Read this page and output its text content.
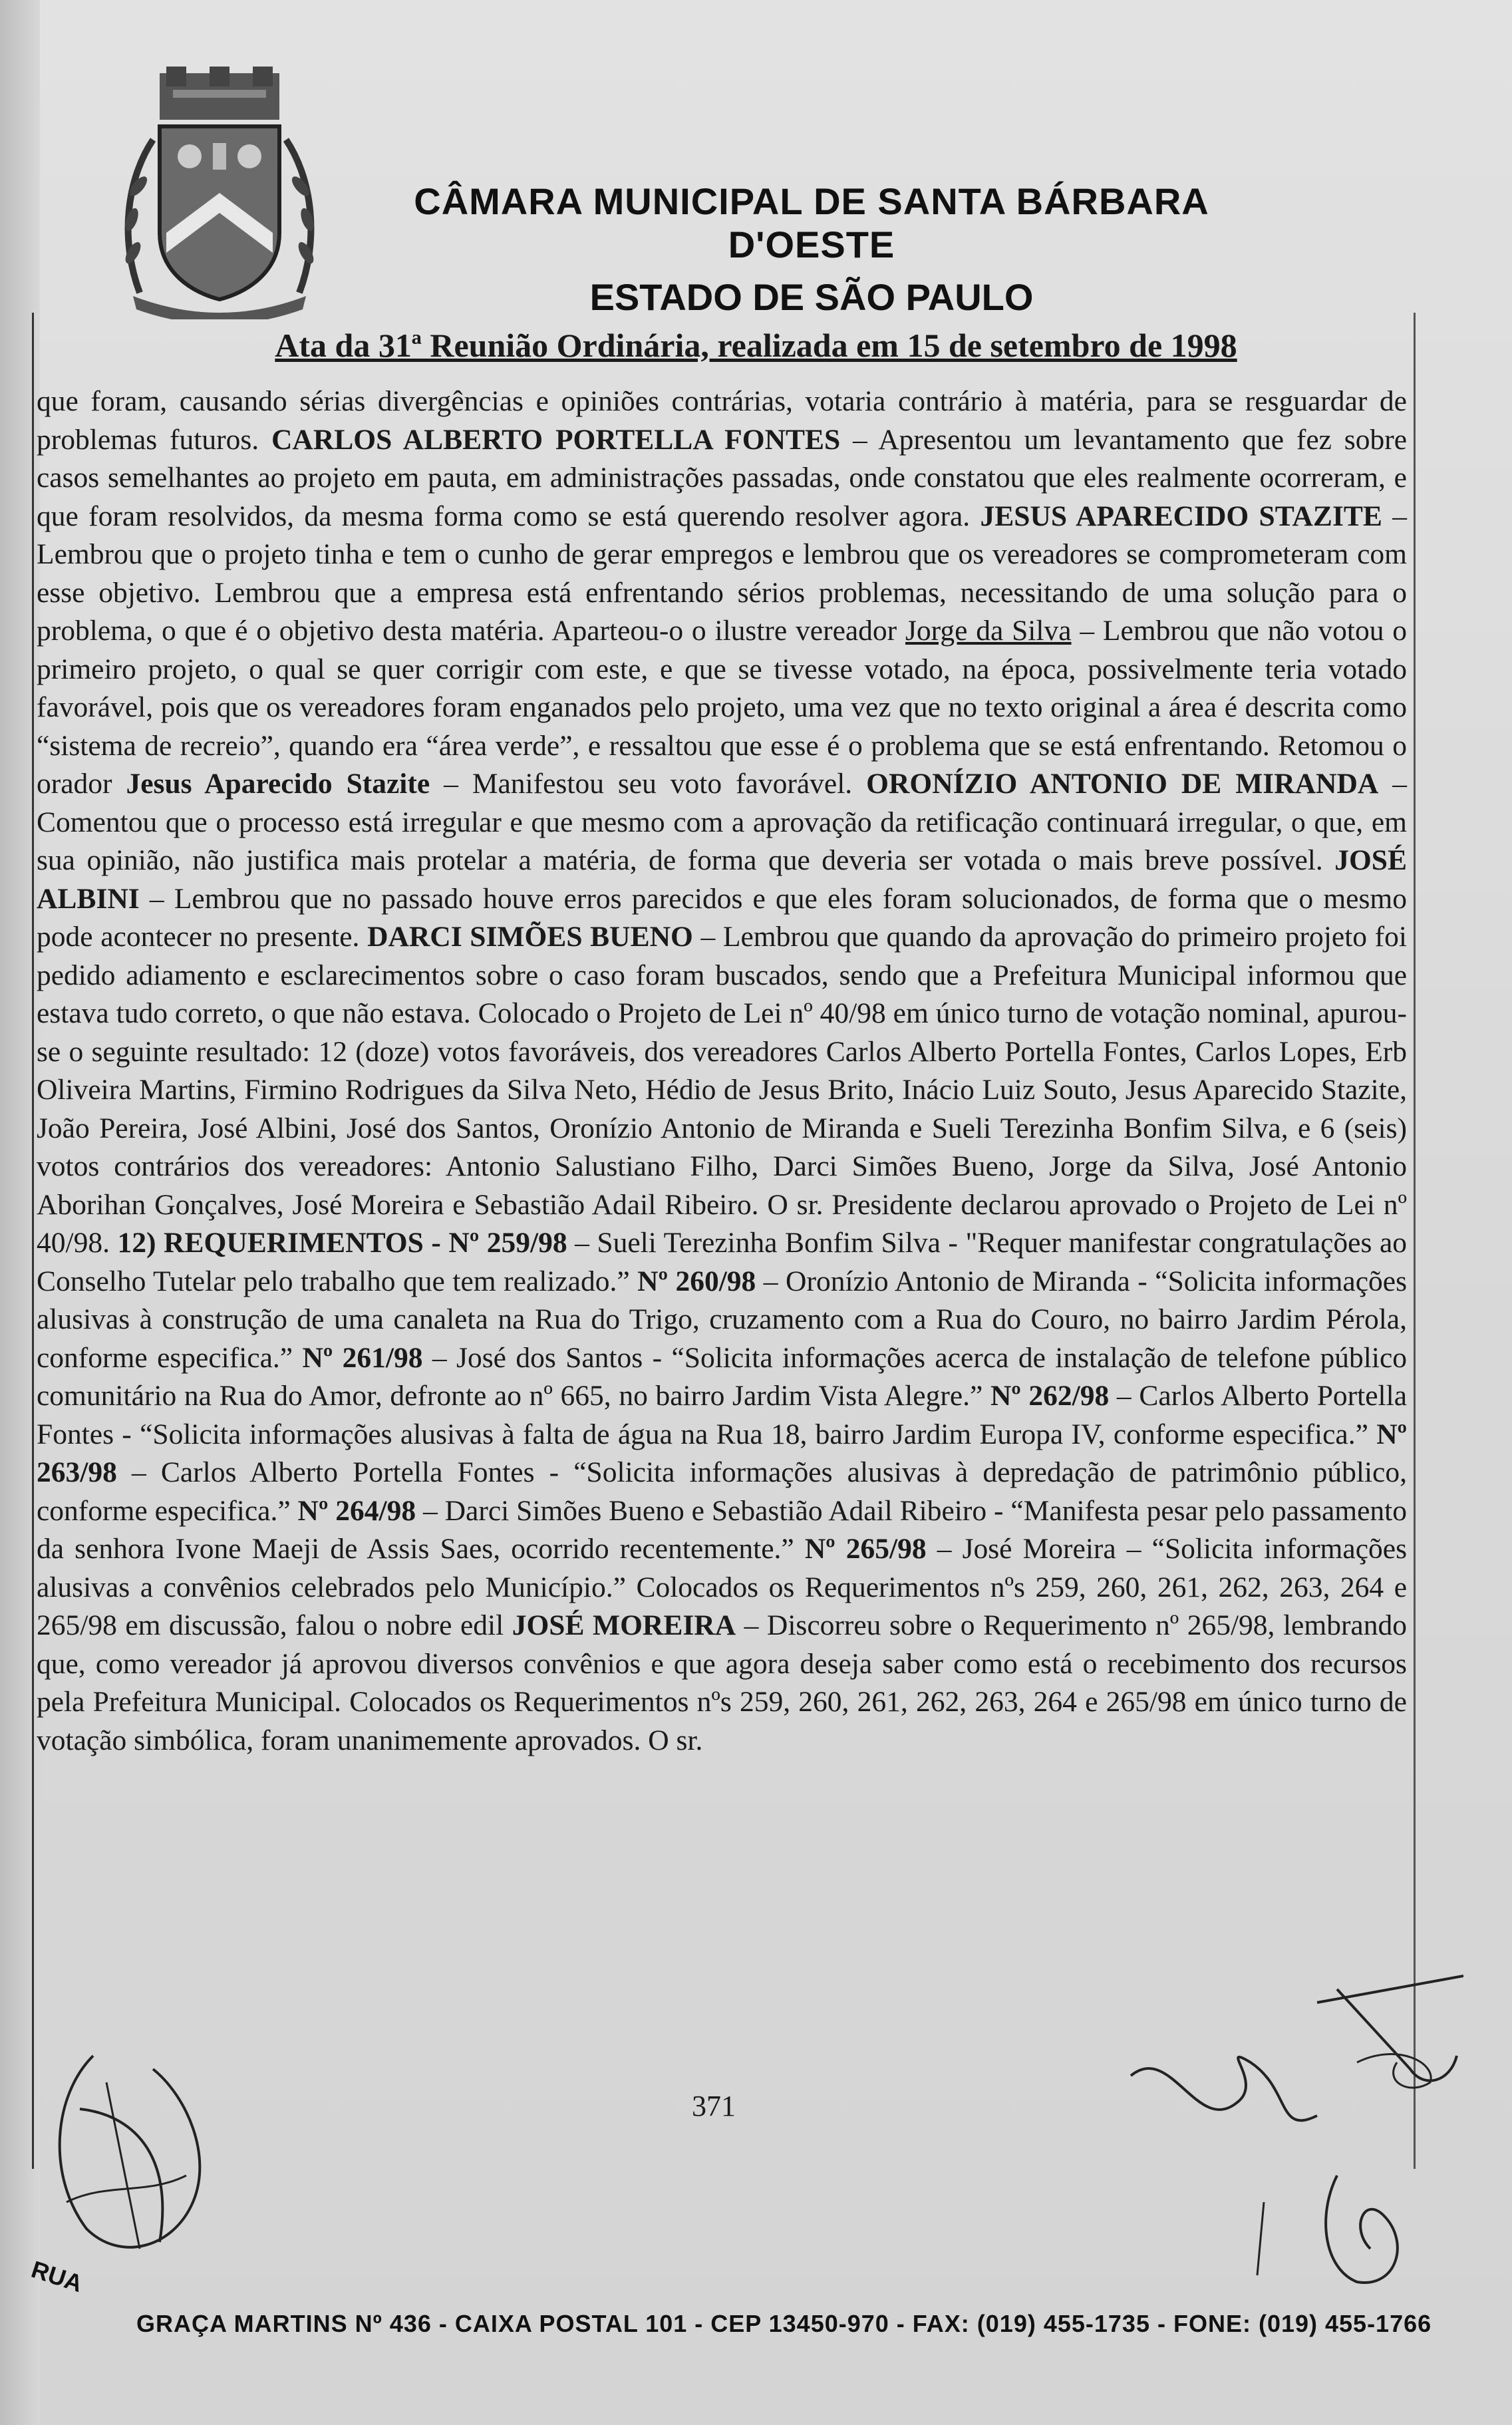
CÂMARA MUNICIPAL DE SANTA BÁRBARA D'OESTE
ESTADO DE SÃO PAULO
Ata da 31ª Reunião Ordinária, realizada em 15 de setembro de 1998

que foram, causando sérias divergências e opiniões contrárias, votaria contrário à matéria, para se resguardar de problemas futuros. CARLOS ALBERTO PORTELLA FONTES – Apresentou um levantamento que fez sobre casos semelhantes ao projeto em pauta, em administrações passadas, onde constatou que eles realmente ocorreram, e que foram resolvidos, da mesma forma como se está querendo resolver agora. JESUS APARECIDO STAZITE – Lembrou que o projeto tinha e tem o cunho de gerar empregos e lembrou que os vereadores se comprometeram com esse objetivo. Lembrou que a empresa está enfrentando sérios problemas, necessitando de uma solução para o problema, o que é o objetivo desta matéria. Aparteou-o o ilustre vereador Jorge da Silva – Lembrou que não votou o primeiro projeto, o qual se quer corrigir com este, e que se tivesse votado, na época, possivelmente teria votado favorável, pois que os vereadores foram enganados pelo projeto, uma vez que no texto original a área é descrita como “sistema de recreio”, quando era “área verde”, e ressaltou que esse é o problema que se está enfrentando. Retomou o orador Jesus Aparecido Stazite – Manifestou seu voto favorável. ORONÍZIO ANTONIO DE MIRANDA – Comentou que o processo está irregular e que mesmo com a aprovação da retificação continuará irregular, o que, em sua opinião, não justifica mais protelar a matéria, de forma que deveria ser votada o mais breve possível. JOSÉ ALBINI – Lembrou que no passado houve erros parecidos e que eles foram solucionados, de forma que o mesmo pode acontecer no presente. DARCI SIMÕES BUENO – Lembrou que quando da aprovação do primeiro projeto foi pedido adiamento e esclarecimentos sobre o caso foram buscados, sendo que a Prefeitura Municipal informou que estava tudo correto, o que não estava. Colocado o Projeto de Lei nº 40/98 em único turno de votação nominal, apurou-se o seguinte resultado: 12 (doze) votos favoráveis, dos vereadores Carlos Alberto Portella Fontes, Carlos Lopes, Erb Oliveira Martins, Firmino Rodrigues da Silva Neto, Hédio de Jesus Brito, Inácio Luiz Souto, Jesus Aparecido Stazite, João Pereira, José Albini, José dos Santos, Oronízio Antonio de Miranda e Sueli Terezinha Bonfim Silva, e 6 (seis) votos contrários dos vereadores: Antonio Salustiano Filho, Darci Simões Bueno, Jorge da Silva, José Antonio Aborihan Gonçalves, José Moreira e Sebastião Adail Ribeiro. O sr. Presidente declarou aprovado o Projeto de Lei nº 40/98. 12) REQUERIMENTOS - Nº 259/98 – Sueli Terezinha Bonfim Silva - "Requer manifestar congratulações ao Conselho Tutelar pelo trabalho que tem realizado.” Nº 260/98 – Oronízio Antonio de Miranda - “Solicita informações alusivas à construção de uma canaleta na Rua do Trigo, cruzamento com a Rua do Couro, no bairro Jardim Pérola, conforme especifica.” Nº 261/98 – José dos Santos - “Solicita informações acerca de instalação de telefone público comunitário na Rua do Amor, defronte ao nº 665, no bairro Jardim Vista Alegre.” Nº 262/98 – Carlos Alberto Portella Fontes - “Solicita informações alusivas à falta de água na Rua 18, bairro Jardim Europa IV, conforme especifica.” Nº 263/98 – Carlos Alberto Portella Fontes - “Solicita informações alusivas à depredação de patrimônio público, conforme especifica.” Nº 264/98 – Darci Simões Bueno e Sebastião Adail Ribeiro - “Manifesta pesar pelo passamento da senhora Ivone Maeji de Assis Saes, ocorrido recentemente.” Nº 265/98 – José Moreira – “Solicita informações alusivas a convênios celebrados pelo Município.” Colocados os Requerimentos nºs 259, 260, 261, 262, 263, 264 e 265/98 em discussão, falou o nobre edil JOSÉ MOREIRA – Discorreu sobre o Requerimento nº 265/98, lembrando que, como vereador já aprovou diversos convênios e que agora deseja saber como está o recebimento dos recursos pela Prefeitura Municipal. Colocados os Requerimentos nºs 259, 260, 261, 262, 263, 264 e 265/98 em único turno de votação simbólica, foram unanimemente aprovados. O sr.

371
RUA
GRAÇA MARTINS Nº 436 - CAIXA POSTAL 101 - CEP 13450-970 - FAX: (019) 455-1735 - FONE: (019) 455-1766
